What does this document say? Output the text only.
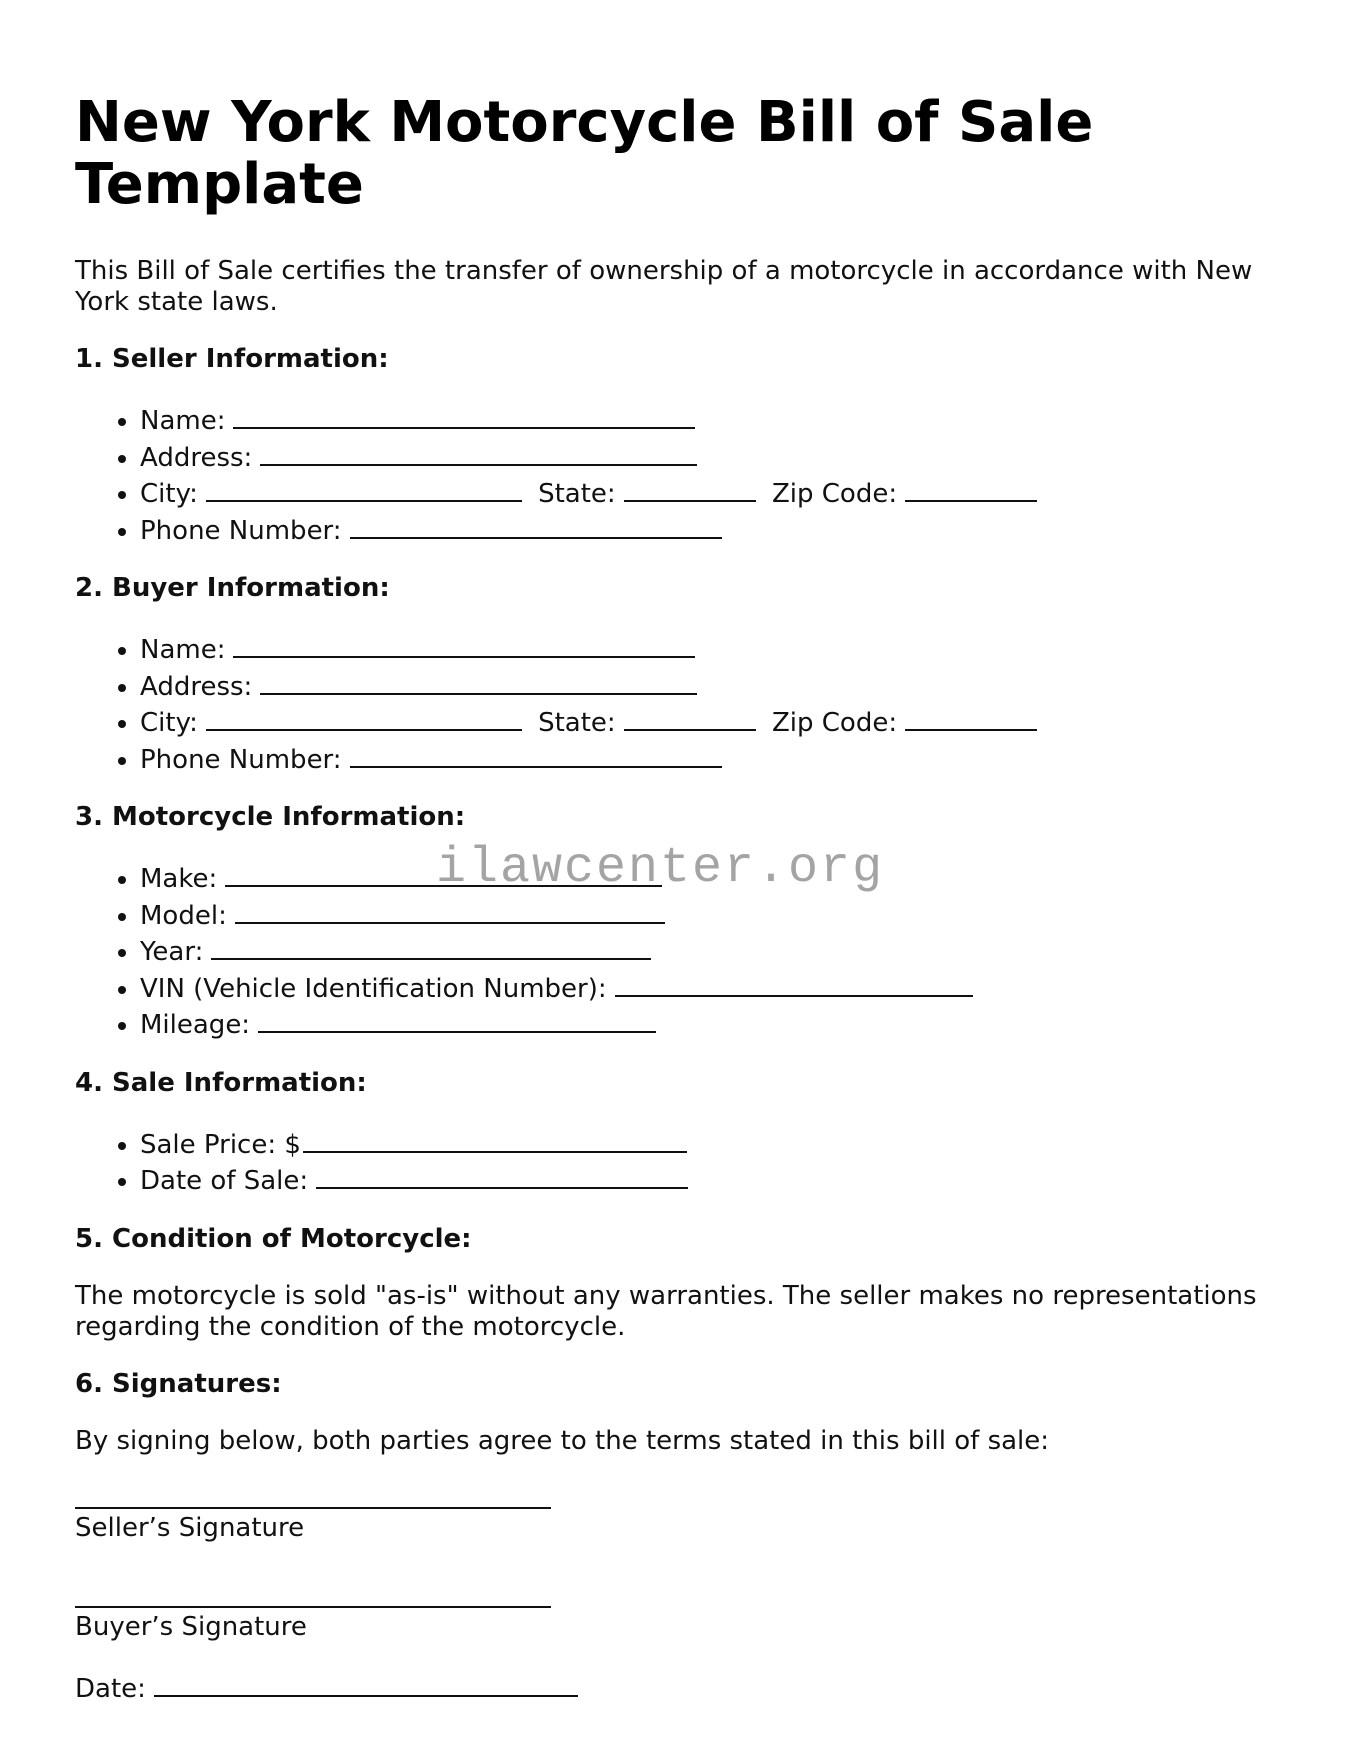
New York Motorcycle Bill of Sale Template

This Bill of Sale certifies the transfer of ownership of a motorcycle in accordance with New York state laws.

1. Seller Information:
• Name:
• Address:
• City:	State:	Zip Code:
• Phone Number:
2. Buyer Information:
• Name:
• Address:
• City:	State:	Zip Code:
• Phone Number:
3. Motorcycle Information:
• Make:
• Model:
• Year:
• VIN (Vehicle Identification Number):
• Mileage:
4. Sale Information:
• Sale Price: $
• Date of Sale:
5. Condition of Motorcycle:

The motorcycle is sold "as-is" without any warranties. The seller makes no representations regarding the condition of the motorcycle.

6. Signatures:

By signing below, both parties agree to the terms stated in this bill of sale:

Seller’s Signature
Buyer’s Signature
Date:
ilawcenter.org
